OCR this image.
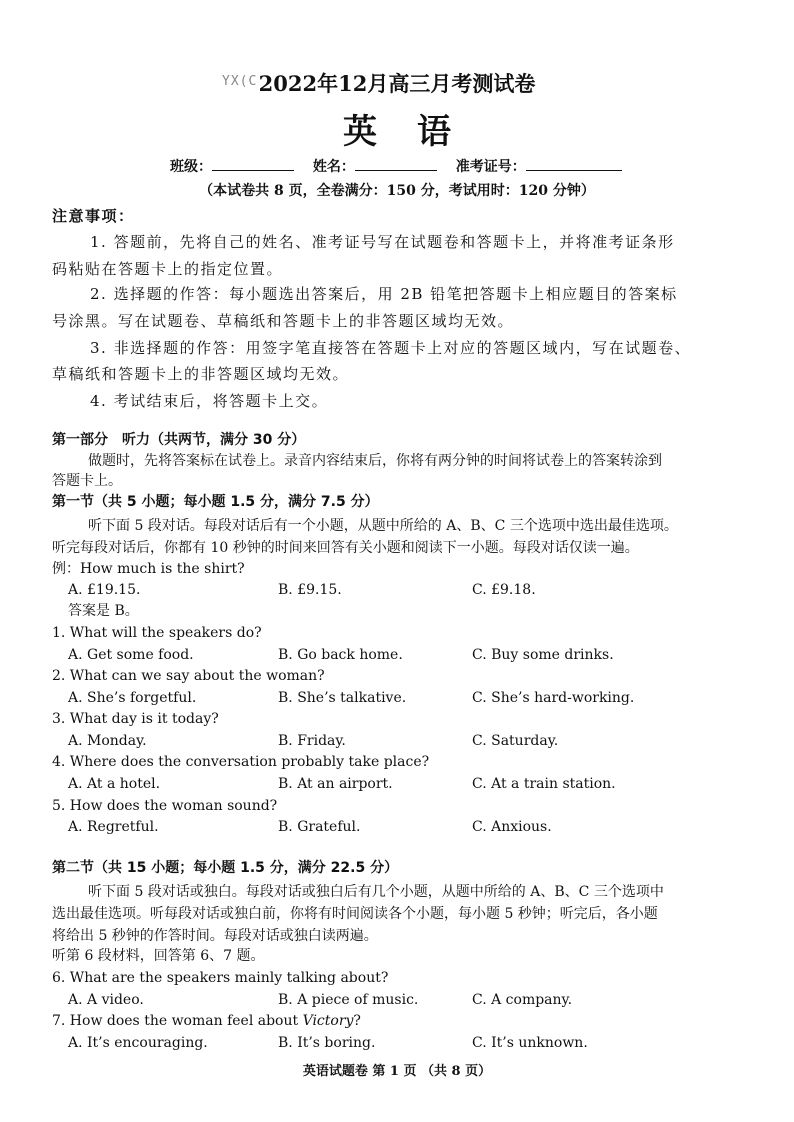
YX(C 2022年12月高三月考测试卷
英语
班级：	姓名：	准考证号：
（本试卷共 8 页，全卷满分：150 分，考试用时：120 分钟）
注意事项：
1. 答题前，先将自己的姓名、准考证号写在试题卷和答题卡上，并将准考证条形
码粘贴在答题卡上的指定位置。
2. 选择题的作答：每小题选出答案后，用 2B 铅笔把答题卡上相应题目的答案标
号涂黑。写在试题卷、草稿纸和答题卡上的非答题区域均无效。
3. 非选择题的作答：用签字笔直接答在答题卡上对应的答题区域内，写在试题卷、
草稿纸和答题卡上的非答题区域均无效。
4. 考试结束后，将答题卡上交。
第一部分　听力（共两节，满分 30 分）
做题时，先将答案标在试卷上。录音内容结束后，你将有两分钟的时间将试卷上的答案转涂到
答题卡上。
第一节（共 5 小题；每小题 1.5 分，满分 7.5 分）
听下面 5 段对话。每段对话后有一个小题，从题中所给的 A、B、C 三个选项中选出最佳选项。
听完每段对话后，你都有 10 秒钟的时间来回答有关小题和阅读下一小题。每段对话仅读一遍。
例：How much is the shirt?
A. £19.15.	B. £9.15.	C. £9.18.
答案是 B。
1. What will the speakers do?
A. Get some food.	B. Go back home.	C. Buy some drinks.
2. What can we say about the woman?
A. She’s forgetful.	B. She’s talkative.	C. She’s hard-working.
3. What day is it today?
A. Monday.	B. Friday.	C. Saturday.
4. Where does the conversation probably take place?
A. At a hotel.	B. At an airport.	C. At a train station.
5. How does the woman sound?
A. Regretful.	B. Grateful.	C. Anxious.
第二节（共 15 小题；每小题 1.5 分，满分 22.5 分）
听下面 5 段对话或独白。每段对话或独白后有几个小题，从题中所给的 A、B、C 三个选项中
选出最佳选项。听每段对话或独白前，你将有时间阅读各个小题，每小题 5 秒钟；听完后，各小题
将给出 5 秒钟的作答时间。每段对话或独白读两遍。
听第 6 段材料，回答第 6、7 题。
6. What are the speakers mainly talking about?
A. A video.	B. A piece of music.	C. A company.
7. How does the woman feel about Victory?
A. It’s encouraging.	B. It’s boring.	C. It’s unknown.
英语试题卷 第 1 页 （共 8 页）
